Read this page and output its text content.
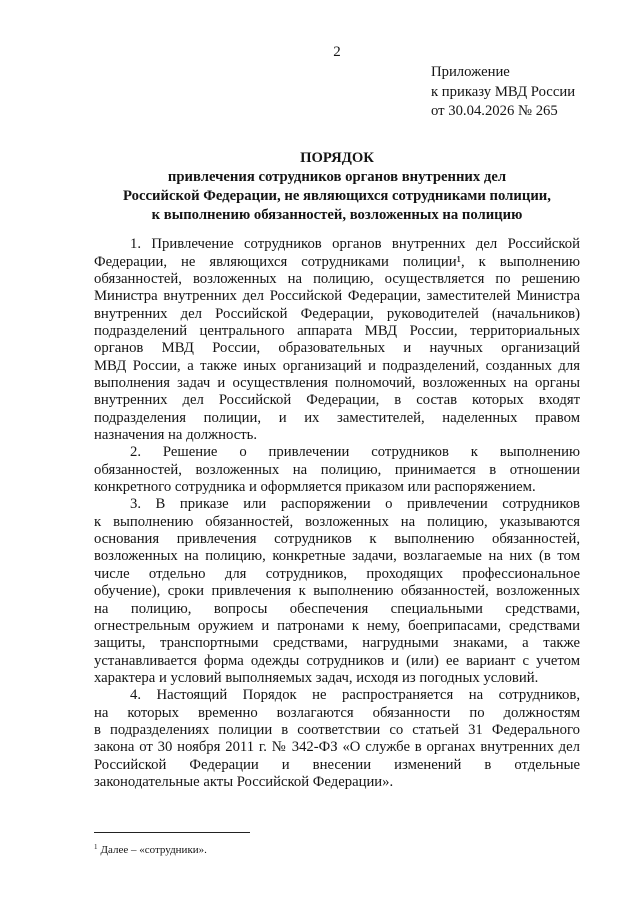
2
Приложение
к приказу МВД России
от 30.04.2026 № 265
ПОРЯДОК
привлечения сотрудников органов внутренних дел
Российской Федерации, не являющихся сотрудниками полиции,
к выполнению обязанностей, возложенных на полицию
1. Привлечение сотрудников органов внутренних дел Российской
Федерации, не являющихся сотрудниками полиции¹, к выполнению
обязанностей, возложенных на полицию, осуществляется по решению
Министра внутренних дел Российской Федерации, заместителей Министра
внутренних дел Российской Федерации, руководителей (начальников)
подразделений центрального аппарата МВД России, территориальных
органов МВД России, образовательных и научных организаций
МВД России, а также иных организаций и подразделений, созданных для
выполнения задач и осуществления полномочий, возложенных на органы
внутренних дел Российской Федерации, в состав которых входят
подразделения полиции, и их заместителей, наделенных правом
назначения на должность.
2. Решение о привлечении сотрудников к выполнению
обязанностей, возложенных на полицию, принимается в отношении
конкретного сотрудника и оформляется приказом или распоряжением.
3. В приказе или распоряжении о привлечении сотрудников
к выполнению обязанностей, возложенных на полицию, указываются
основания привлечения сотрудников к выполнению обязанностей,
возложенных на полицию, конкретные задачи, возлагаемые на них (в том
числе отдельно для сотрудников, проходящих профессиональное
обучение), сроки привлечения к выполнению обязанностей, возложенных
на полицию, вопросы обеспечения специальными средствами,
огнестрельным оружием и патронами к нему, боеприпасами, средствами
защиты, транспортными средствами, нагрудными знаками, а также
устанавливается форма одежды сотрудников и (или) ее вариант с учетом
характера и условий выполняемых задач, исходя из погодных условий.
4. Настоящий Порядок не распространяется на сотрудников,
на которых временно возлагаются обязанности по должностям
в подразделениях полиции в соответствии со статьей 31 Федерального
закона от 30 ноября 2011 г. № 342-ФЗ «О службе в органах внутренних дел
Российской Федерации и внесении изменений в отдельные
законодательные акты Российской Федерации».
$^1$ Далее – «сотрудники».
